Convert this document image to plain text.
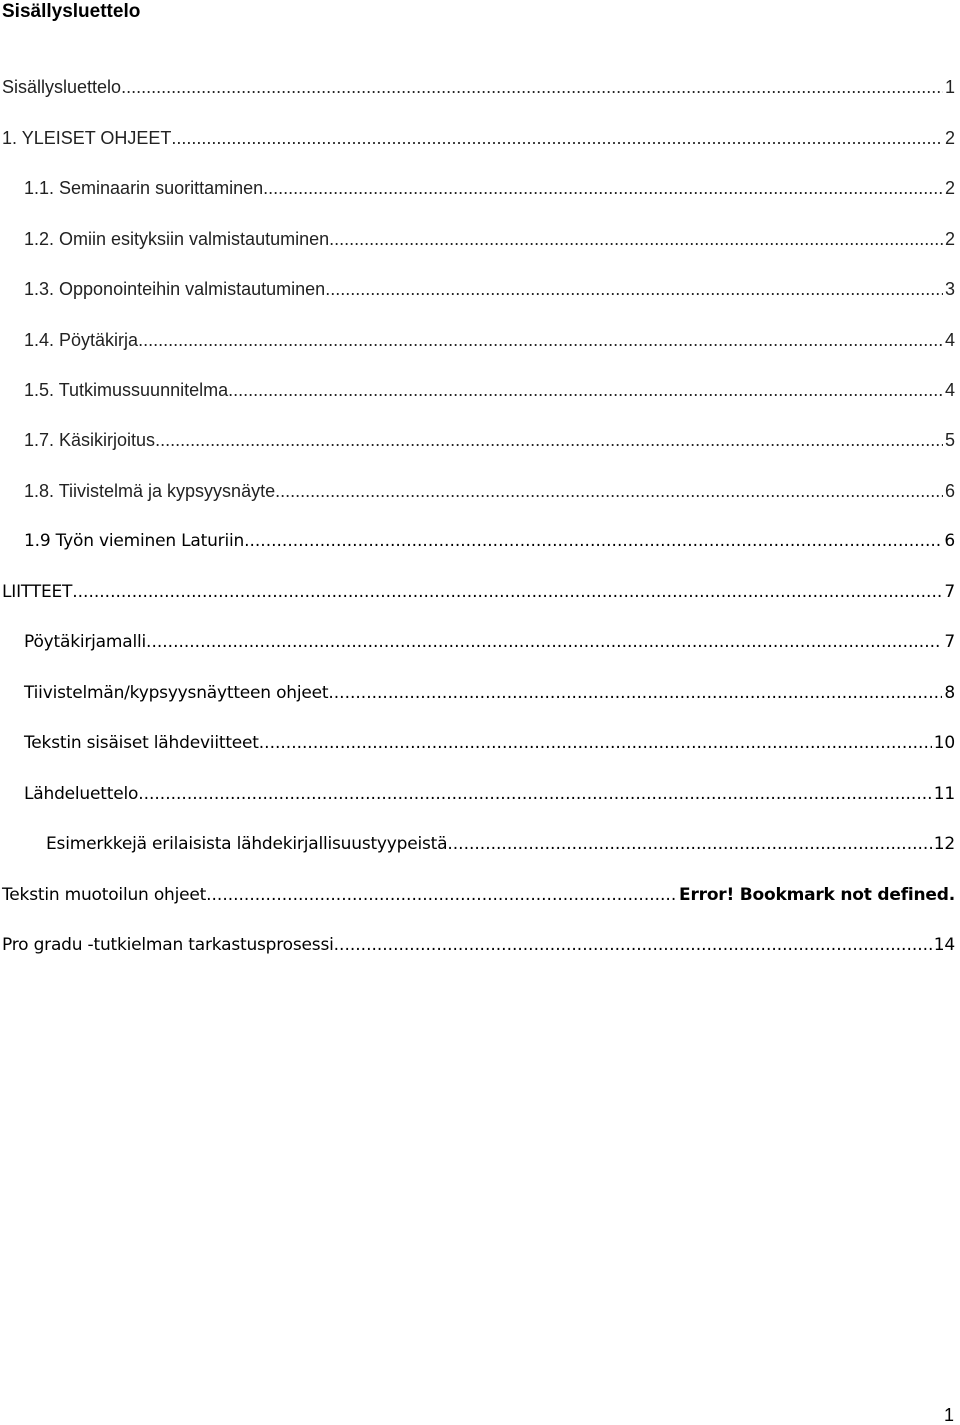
Sisällysluettelo
Sisällysluettelo .....	1
1. YLEISET OHJEET .....	2
1.1. Seminaarin suorittaminen .....	2
1.2. Omiin esityksiin valmistautuminen .....	2
1.3. Opponointeihin valmistautuminen .....	3
1.4. Pöytäkirja .....	4
1.5. Tutkimussuunnitelma .....	4
1.7. Käsikirjoitus .....	5
1.8. Tiivistelmä ja kypsyysnäyte .....	6
1.9 Työn vieminen Laturiin .....	6
LIITTEET .....	7
Pöytäkirjamalli .....	7
Tiivistelmän/kypsyysnäytteen ohjeet .....	8
Tekstin sisäiset lähdeviitteet .....	10
Lähdeluettelo .....	11
Esimerkkejä erilaisista lähdekirjallisuustyypeistä .....	12
Tekstin muotoilun ohjeet .....	Error! Bookmark not defined.
Pro gradu -tutkielman tarkastusprosessi .....	14
1
